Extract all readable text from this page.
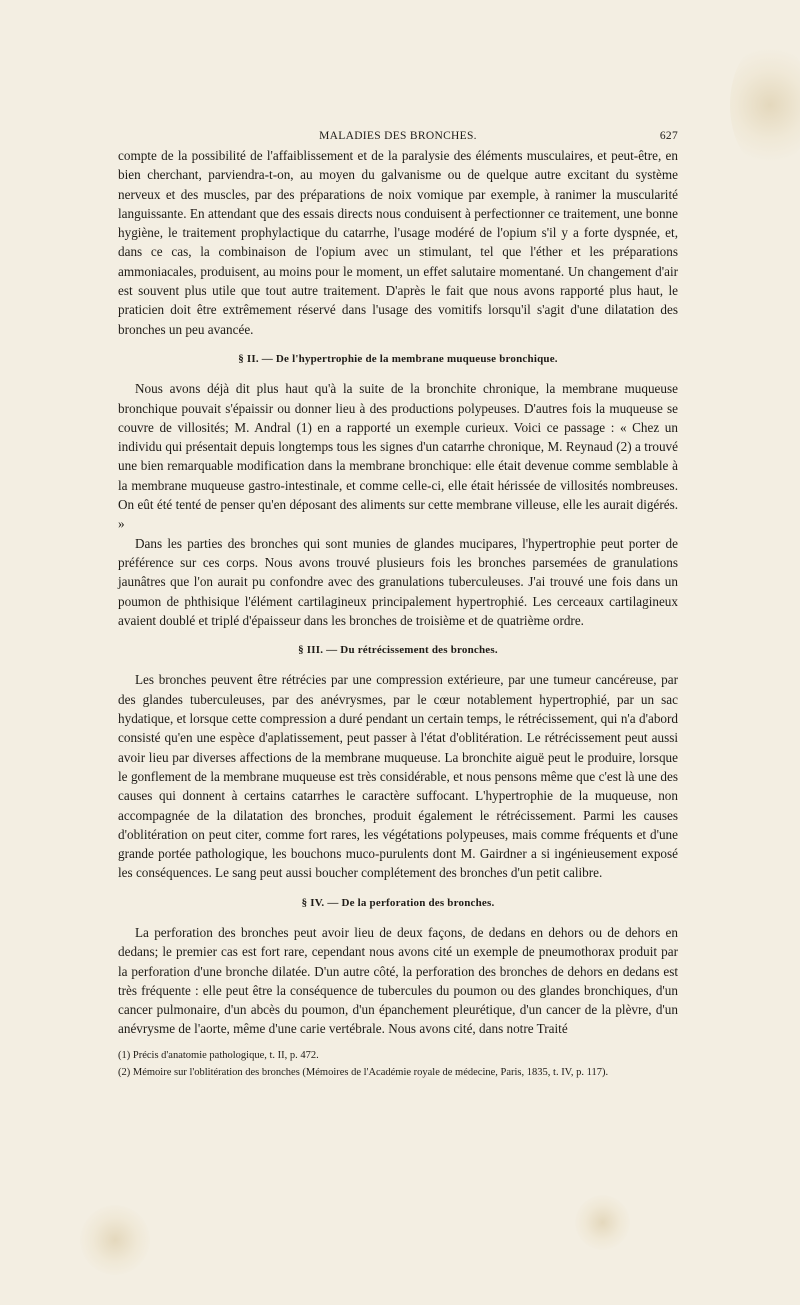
MALADIES DES BRONCHES.	627

compte de la possibilité de l'affaiblissement et de la paralysie des éléments musculaires, et peut-être, en bien cherchant, parviendra-t-on, au moyen du galvanisme ou de quelque autre excitant du système nerveux et des muscles, par des préparations de noix vomique par exemple, à ranimer la muscularité languissante. En attendant que des essais directs nous conduisent à perfectionner ce traitement, une bonne hygiène, le traitement prophylactique du catarrhe, l'usage modéré de l'opium s'il y a forte dyspnée, et, dans ce cas, la combinaison de l'opium avec un stimulant, tel que l'éther et les préparations ammoniacales, produisent, au moins pour le moment, un effet salutaire momentané. Un changement d'air est souvent plus utile que tout autre traitement. D'après le fait que nous avons rapporté plus haut, le praticien doit être extrêmement réservé dans l'usage des vomitifs lorsqu'il s'agit d'une dilatation des bronches un peu avancée.

§ II. — De l'hypertrophie de la membrane muqueuse bronchique.

Nous avons déjà dit plus haut qu'à la suite de la bronchite chronique, la membrane muqueuse bronchique pouvait s'épaissir ou donner lieu à des productions polypeuses. D'autres fois la muqueuse se couvre de villosités; M. Andral (1) en a rapporté un exemple curieux. Voici ce passage : « Chez un individu qui présentait depuis longtemps tous les signes d'un catarrhe chronique, M. Reynaud (2) a trouvé une bien remarquable modification dans la membrane bronchique: elle était devenue comme semblable à la membrane muqueuse gastro-intestinale, et comme celle-ci, elle était hérissée de villosités nombreuses. On eût été tenté de penser qu'en déposant des aliments sur cette membrane villeuse, elle les aurait digérés. »

Dans les parties des bronches qui sont munies de glandes mucipares, l'hypertrophie peut porter de préférence sur ces corps. Nous avons trouvé plusieurs fois les bronches parsemées de granulations jaunâtres que l'on aurait pu confondre avec des granulations tuberculeuses. J'ai trouvé une fois dans un poumon de phthisique l'élément cartilagineux principalement hypertrophié. Les cerceaux cartilagineux avaient doublé et triplé d'épaisseur dans les bronches de troisième et de quatrième ordre.

§ III. — Du rétrécissement des bronches.

Les bronches peuvent être rétrécies par une compression extérieure, par une tumeur cancéreuse, par des glandes tuberculeuses, par des anévrysmes, par le cœur notablement hypertrophié, par un sac hydatique, et lorsque cette compression a duré pendant un certain temps, le rétrécissement, qui n'a d'abord consisté qu'en une espèce d'aplatissement, peut passer à l'état d'oblitération. Le rétrécissement peut aussi avoir lieu par diverses affections de la membrane muqueuse. La bronchite aiguë peut le produire, lorsque le gonflement de la membrane muqueuse est très considérable, et nous pensons même que c'est là une des causes qui donnent à certains catarrhes le caractère suffocant. L'hypertrophie de la muqueuse, non accompagnée de la dilatation des bronches, produit également le rétrécissement. Parmi les causes d'oblitération on peut citer, comme fort rares, les végétations polypeuses, mais comme fréquents et d'une grande portée pathologique, les bouchons muco-purulents dont M. Gairdner a si ingénieusement exposé les conséquences. Le sang peut aussi boucher complétement des bronches d'un petit calibre.

§ IV. — De la perforation des bronches.

La perforation des bronches peut avoir lieu de deux façons, de dedans en dehors ou de dehors en dedans; le premier cas est fort rare, cependant nous avons cité un exemple de pneumothorax produit par la perforation d'une bronche dilatée. D'un autre côté, la perforation des bronches de dehors en dedans est très fréquente : elle peut être la conséquence de tubercules du poumon ou des glandes bronchiques, d'un cancer pulmonaire, d'un abcès du poumon, d'un épanchement pleurétique, d'un cancer de la plèvre, d'un anévrysme de l'aorte, même d'une carie vertébrale. Nous avons cité, dans notre Traité

(1) Précis d'anatomie pathologique, t. II, p. 472.
(2) Mémoire sur l'oblitération des bronches (Mémoires de l'Académie royale de médecine, Paris, 1835, t. IV, p. 117).
